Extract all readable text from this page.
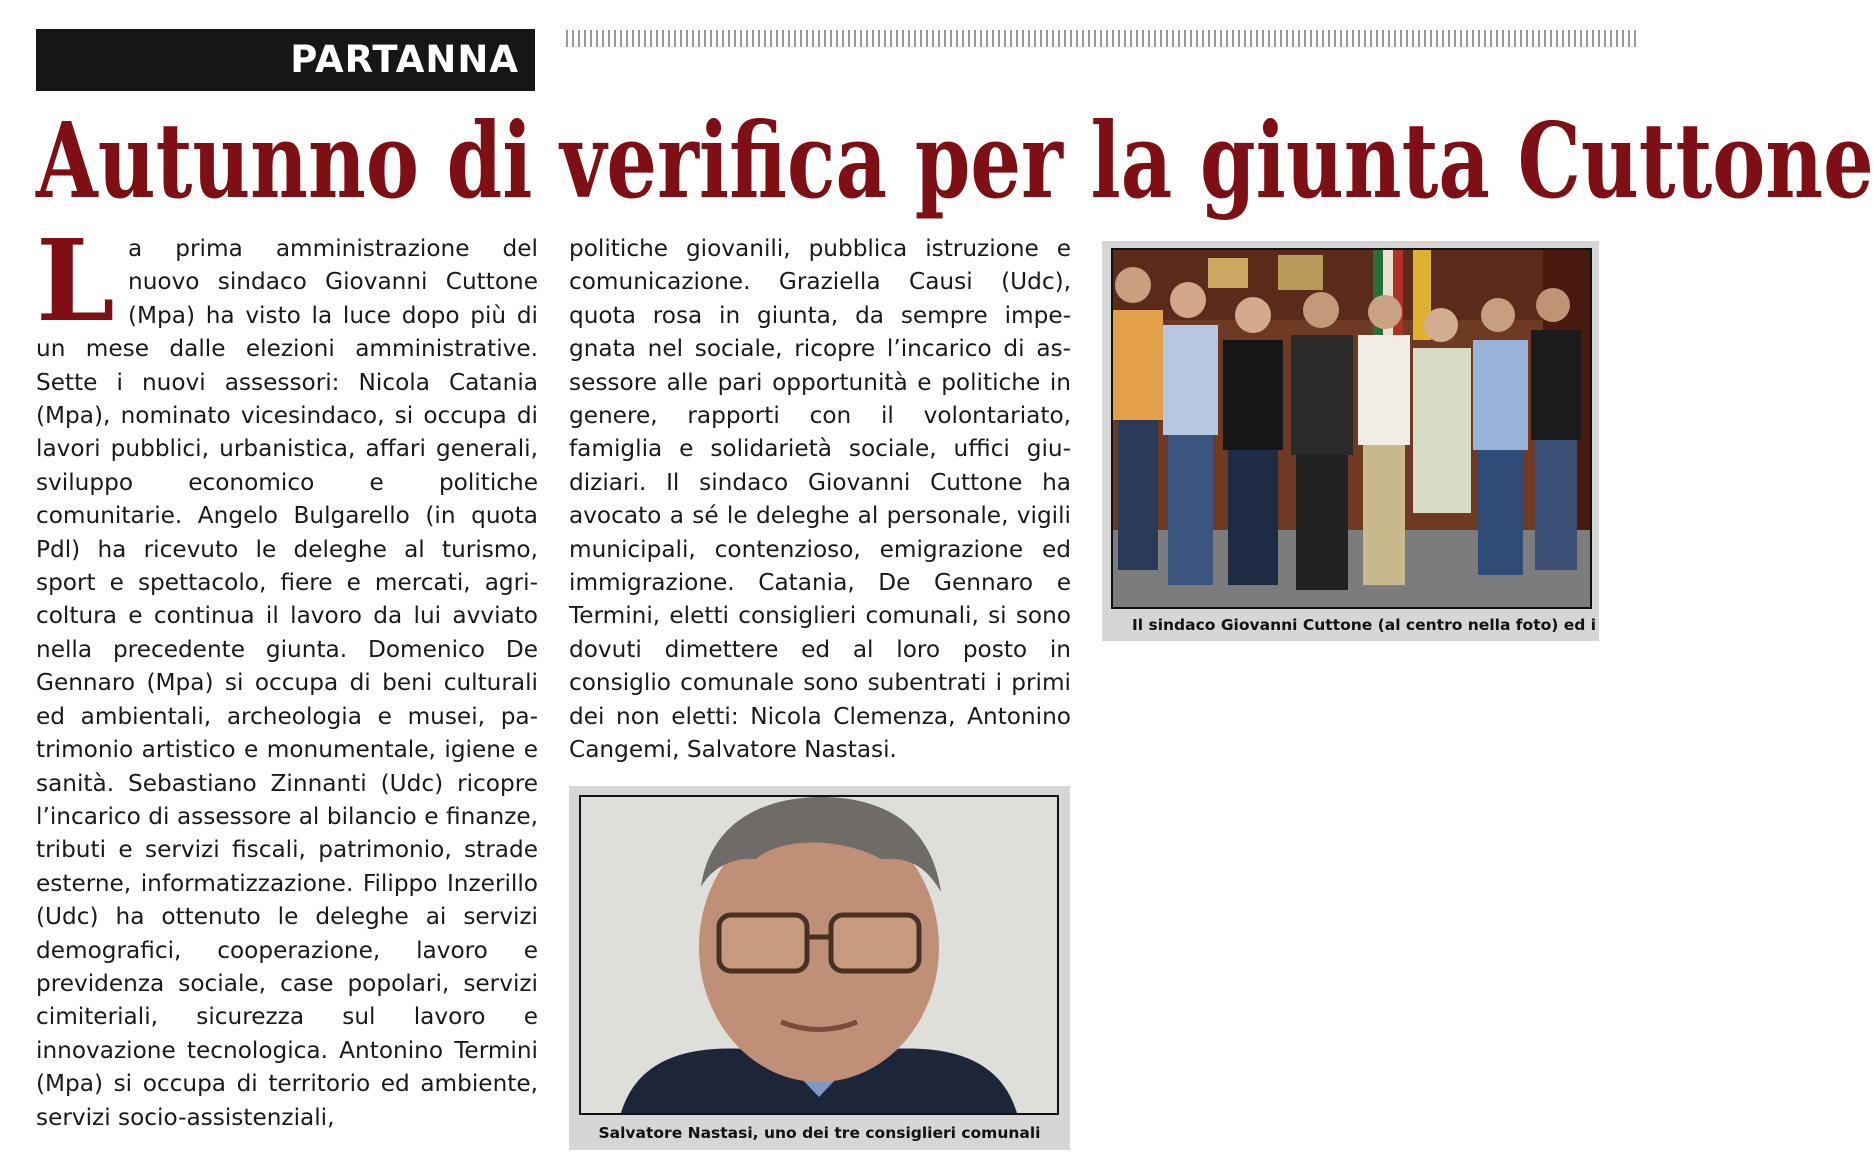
PARTANNA
Autunno di verifica per la giunta Cuttone

La prima amministrazione del nuovo sindaco Giovanni Cuttone (Mpa) ha visto la luce dopo più di un mese dalle elezioni amministrative. Sette i nuovi assessori: Nicola Catania (Mpa), nominato vicesindaco, si occupa di lavori pubblici, urbanistica, affari generali, sviluppo economico e politiche comunitarie. Angelo Bulgarello (in quota Pdl) ha ricevuto le deleghe al turismo, sport e spettacolo, fiere e mercati, agricoltura e continua il lavoro da lui avviato nella precedente giunta. Domenico De Gennaro (Mpa) si occupa di beni culturali ed ambientali, archeologia e musei, patrimonio artistico e monumentale, igiene e sanità. Sebastiano Zinnanti (Udc) ricopre l’incarico di assessore al bilancio e finanze, tributi e servizi fiscali, patrimonio, strade esterne, informatizzazione. Filippo Inzerillo (Udc) ha ottenuto le deleghe ai servizi demografici, cooperazione, lavoro e previdenza sociale, case popolari, servizi cimiteriali, sicurezza sul lavoro e innovazione tecnologica. Antonino Termini (Mpa) si occupa di territorio ed ambiente, servizi socio-assistenziali,

politiche giovanili, pubblica istruzione e comunicazione. Graziella Causi (Udc), quota rosa in giunta, da sempre impegnata nel sociale, ricopre l’incarico di assessore alle pari opportunità e politiche in genere, rapporti con il volontariato, famiglia e solidarietà sociale, uffici giudiziari. Il sindaco Giovanni Cuttone ha avocato a sé le deleghe al personale, vigili municipali, contenzioso, emigrazione ed immigrazione. Catania, De Gennaro e Termini, eletti consiglieri comunali, si sono dovuti dimettere ed al loro posto in consiglio comunale sono subentrati i primi dei non eletti: Nicola Clemenza, Antonino Cangemi, Salvatore Nastasi.

Il sindaco Giovanni Cuttone (al centro nella foto) ed i
Salvatore Nastasi, uno dei tre consiglieri comunali
